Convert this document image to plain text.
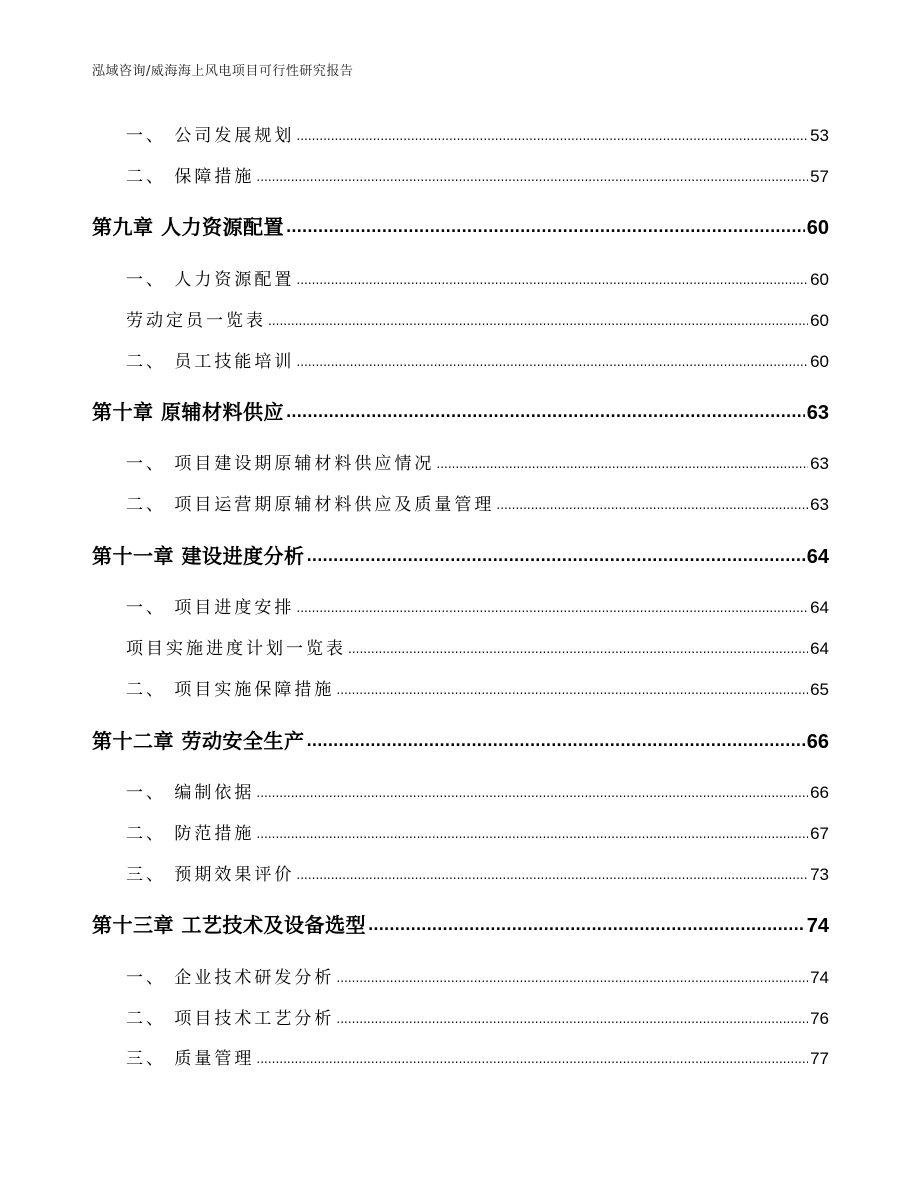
泓域咨询/威海海上风电项目可行性研究报告
一、 公司发展规划 .....	53
二、 保障措施 .....	57
第九章 人力资源配置 .....	60
一、 人力资源配置 .....	60
劳动定员一览表 .....	60
二、 员工技能培训 .....	60
第十章 原辅材料供应 .....	63
一、 项目建设期原辅材料供应情况 .....	63
二、 项目运营期原辅材料供应及质量管理 .....	63
第十一章 建设进度分析 .....	64
一、 项目进度安排 .....	64
项目实施进度计划一览表 .....	64
二、 项目实施保障措施 .....	65
第十二章 劳动安全生产 .....	66
一、 编制依据 .....	66
二、 防范措施 .....	67
三、 预期效果评价 .....	73
第十三章 工艺技术及设备选型 .....	74
一、 企业技术研发分析 .....	74
二、 项目技术工艺分析 .....	76
三、 质量管理 .....	77
